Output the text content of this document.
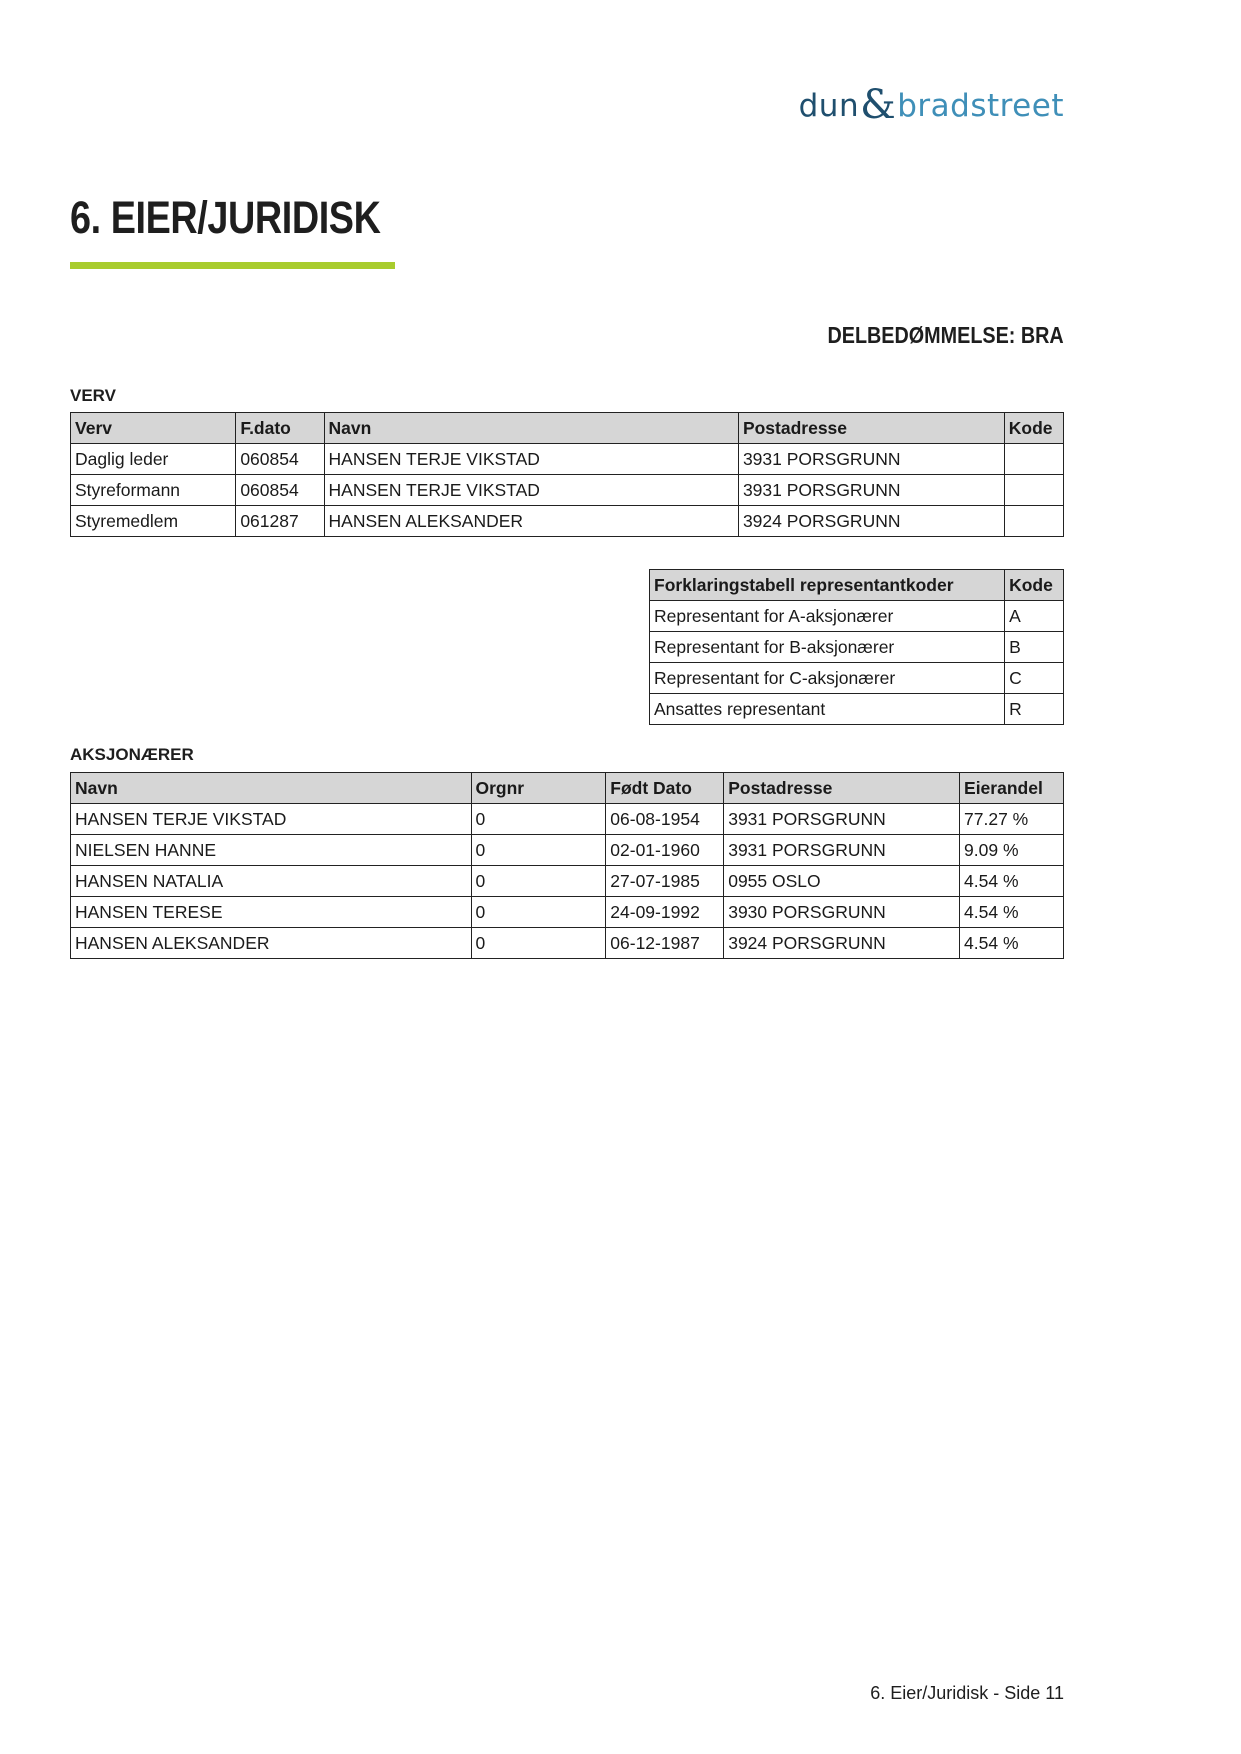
dun & bradstreet
6. EIER/JURIDISK
DELBEDØMMELSE: BRA
VERV
Verv	F.dato	Navn	Postadresse	Kode
Daglig leder	060854	HANSEN TERJE VIKSTAD	3931 PORSGRUNN	
Styreformann	060854	HANSEN TERJE VIKSTAD	3931 PORSGRUNN	
Styremedlem	061287	HANSEN ALEKSANDER	3924 PORSGRUNN	
Forklaringstabell representantkoder	Kode
Representant for A-aksjonærer	A
Representant for B-aksjonærer	B
Representant for C-aksjonærer	C
Ansattes representant	R
AKSJONÆRER
Navn	Orgnr	Født Dato	Postadresse	Eierandel
HANSEN TERJE VIKSTAD	0	06-08-1954	3931 PORSGRUNN	77.27 %
NIELSEN HANNE	0	02-01-1960	3931 PORSGRUNN	9.09 %
HANSEN NATALIA	0	27-07-1985	0955 OSLO	4.54 %
HANSEN TERESE	0	24-09-1992	3930 PORSGRUNN	4.54 %
HANSEN ALEKSANDER	0	06-12-1987	3924 PORSGRUNN	4.54 %

6. Eier/Juridisk - Side 11
